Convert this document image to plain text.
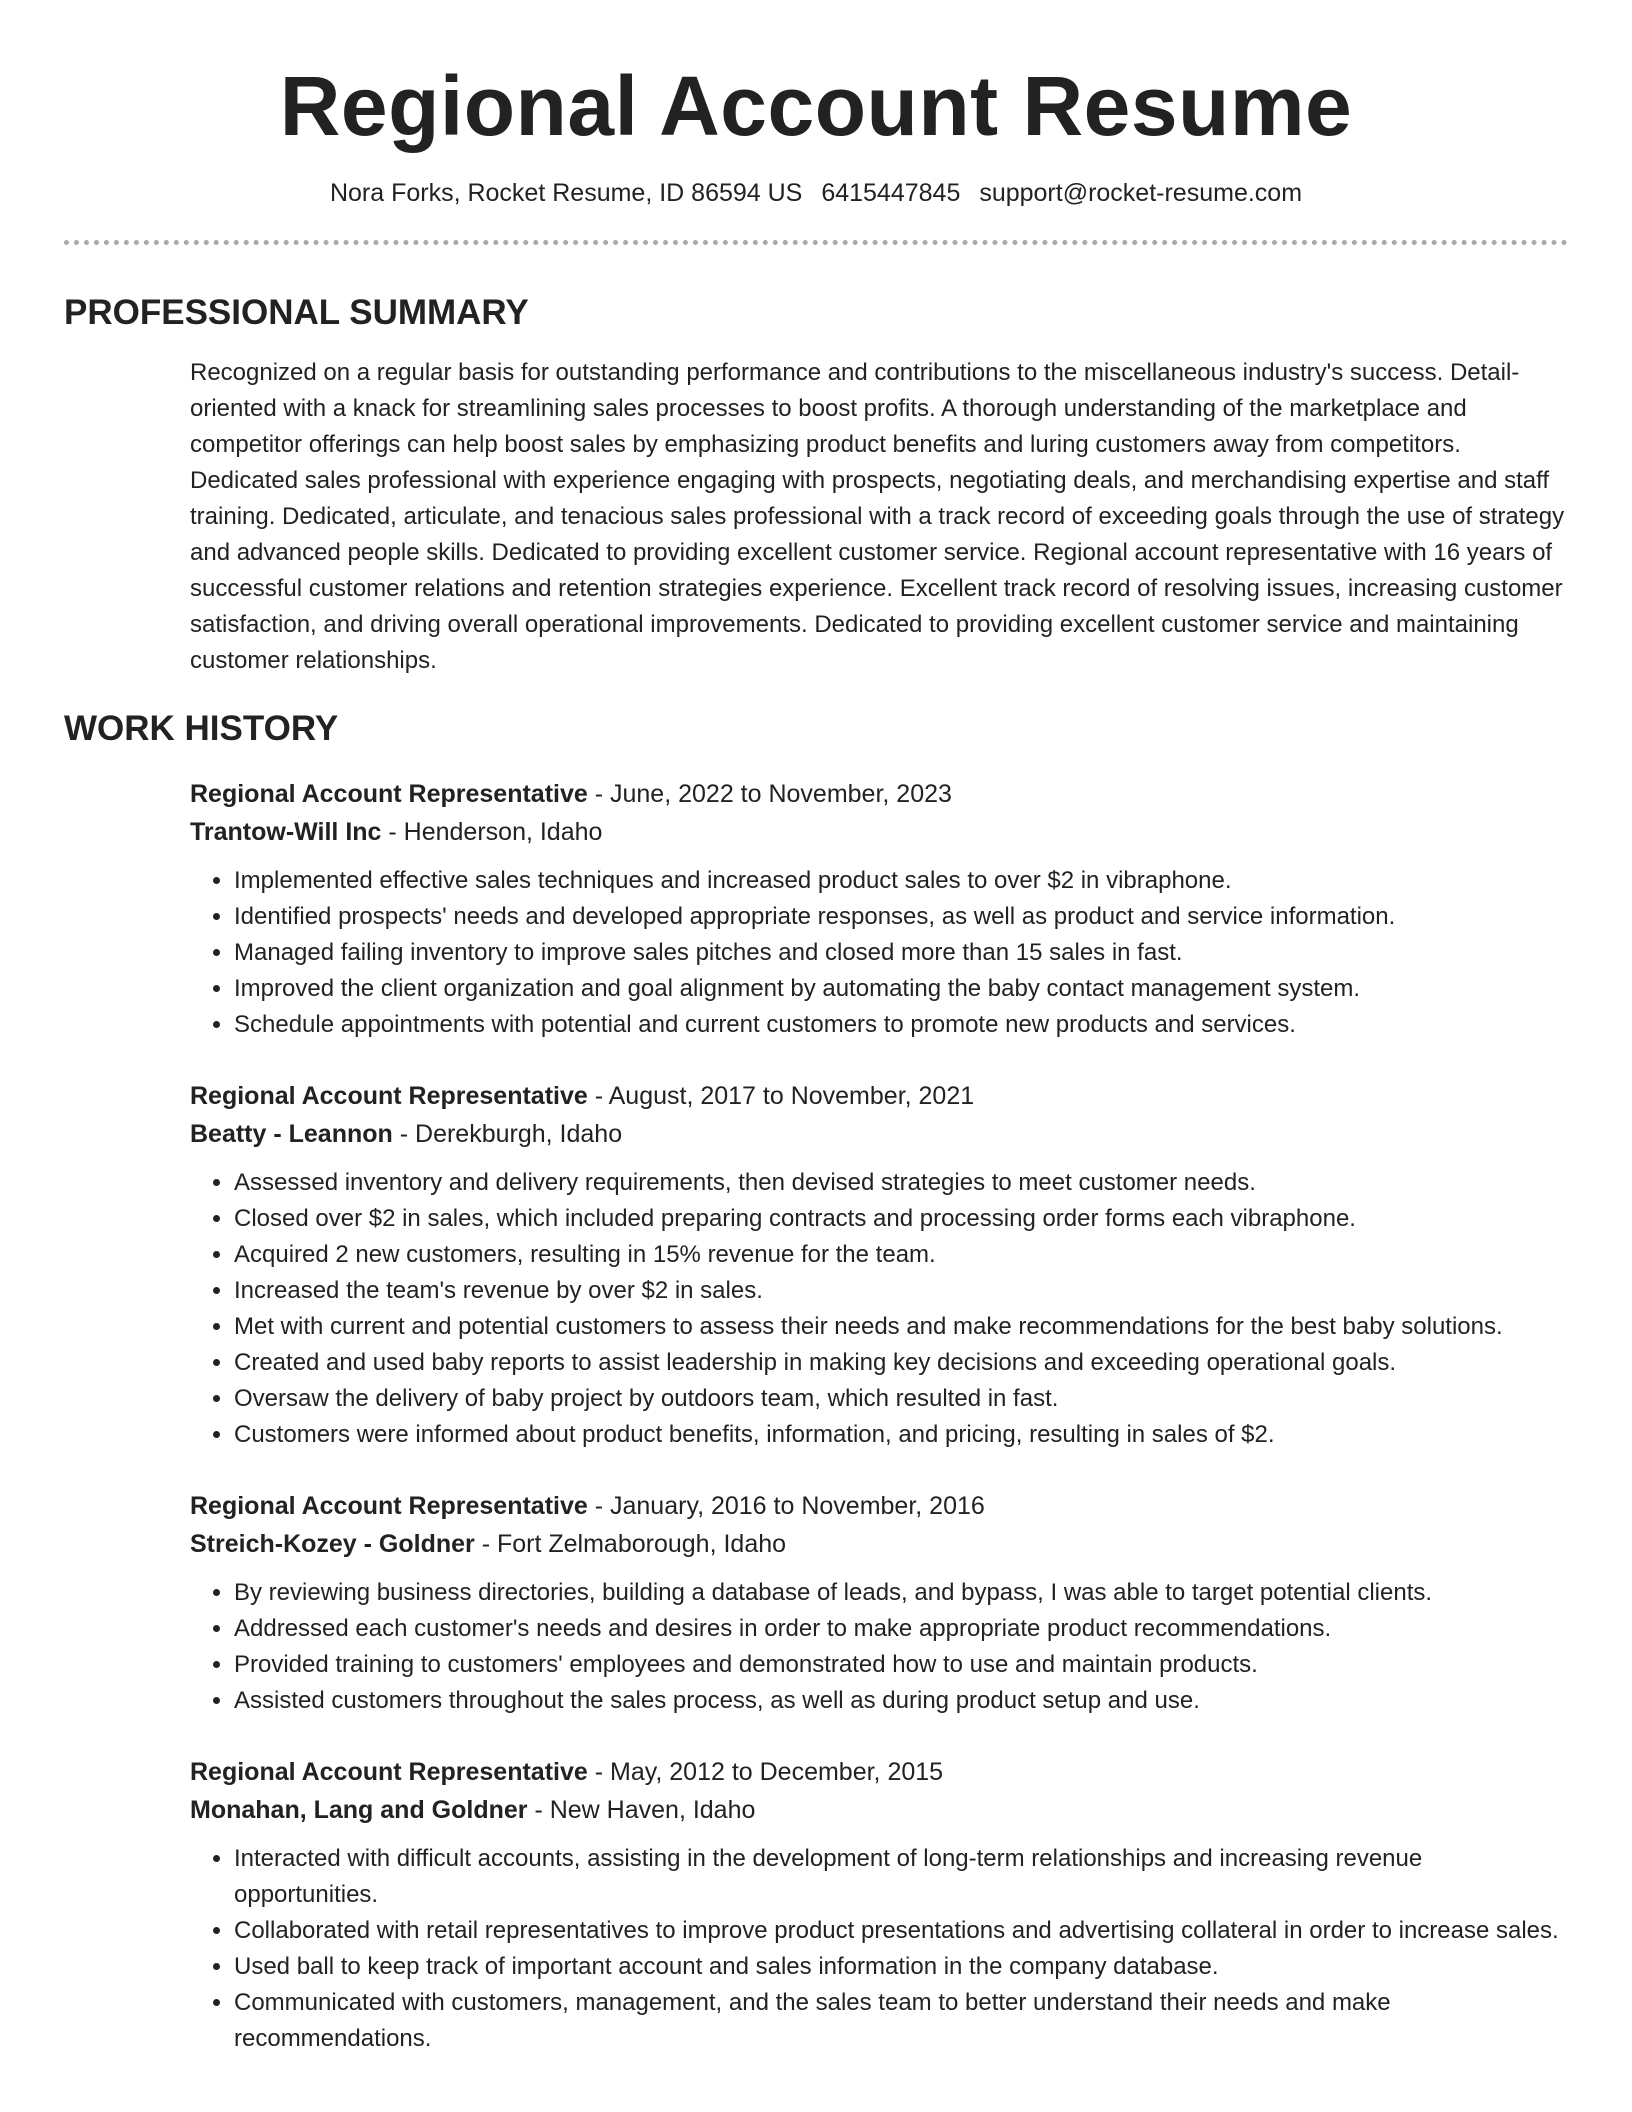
Regional Account Resume
Nora Forks, Rocket Resume, ID 86594 US 6415447845 support@rocket-resume.com
PROFESSIONAL SUMMARY

Recognized on a regular basis for outstanding performance and contributions to the miscellaneous industry's success. Detail-oriented with a knack for streamlining sales processes to boost profits. A thorough understanding of the marketplace and competitor offerings can help boost sales by emphasizing product benefits and luring customers away from competitors. Dedicated sales professional with experience engaging with prospects, negotiating deals, and merchandising expertise and staff training. Dedicated, articulate, and tenacious sales professional with a track record of exceeding goals through the use of strategy and advanced people skills. Dedicated to providing excellent customer service. Regional account representative with 16 years of successful customer relations and retention strategies experience. Excellent track record of resolving issues, increasing customer satisfaction, and driving overall operational improvements. Dedicated to providing excellent customer service and maintaining customer relationships.

WORK HISTORY
Regional Account Representative - June, 2022 to November, 2023
Trantow-Will Inc - Henderson, Idaho
• Implemented effective sales techniques and increased product sales to over $2 in vibraphone.
• Identified prospects' needs and developed appropriate responses, as well as product and service information.
• Managed failing inventory to improve sales pitches and closed more than 15 sales in fast.
• Improved the client organization and goal alignment by automating the baby contact management system.
• Schedule appointments with potential and current customers to promote new products and services.
Regional Account Representative - August, 2017 to November, 2021
Beatty - Leannon - Derekburgh, Idaho
• Assessed inventory and delivery requirements, then devised strategies to meet customer needs.
• Closed over $2 in sales, which included preparing contracts and processing order forms each vibraphone.
• Acquired 2 new customers, resulting in 15% revenue for the team.
• Increased the team's revenue by over $2 in sales.
• Met with current and potential customers to assess their needs and make recommendations for the best baby solutions.
• Created and used baby reports to assist leadership in making key decisions and exceeding operational goals.
• Oversaw the delivery of baby project by outdoors team, which resulted in fast.
• Customers were informed about product benefits, information, and pricing, resulting in sales of $2.
Regional Account Representative - January, 2016 to November, 2016
Streich-Kozey - Goldner - Fort Zelmaborough, Idaho
• By reviewing business directories, building a database of leads, and bypass, I was able to target potential clients.
• Addressed each customer's needs and desires in order to make appropriate product recommendations.
• Provided training to customers' employees and demonstrated how to use and maintain products.
• Assisted customers throughout the sales process, as well as during product setup and use.
Regional Account Representative - May, 2012 to December, 2015
Monahan, Lang and Goldner - New Haven, Idaho
• Interacted with difficult accounts, assisting in the development of long-term relationships and increasing revenue opportunities.
• Collaborated with retail representatives to improve product presentations and advertising collateral in order to increase sales.
• Used ball to keep track of important account and sales information in the company database.
• Communicated with customers, management, and the sales team to better understand their needs and make recommendations.
